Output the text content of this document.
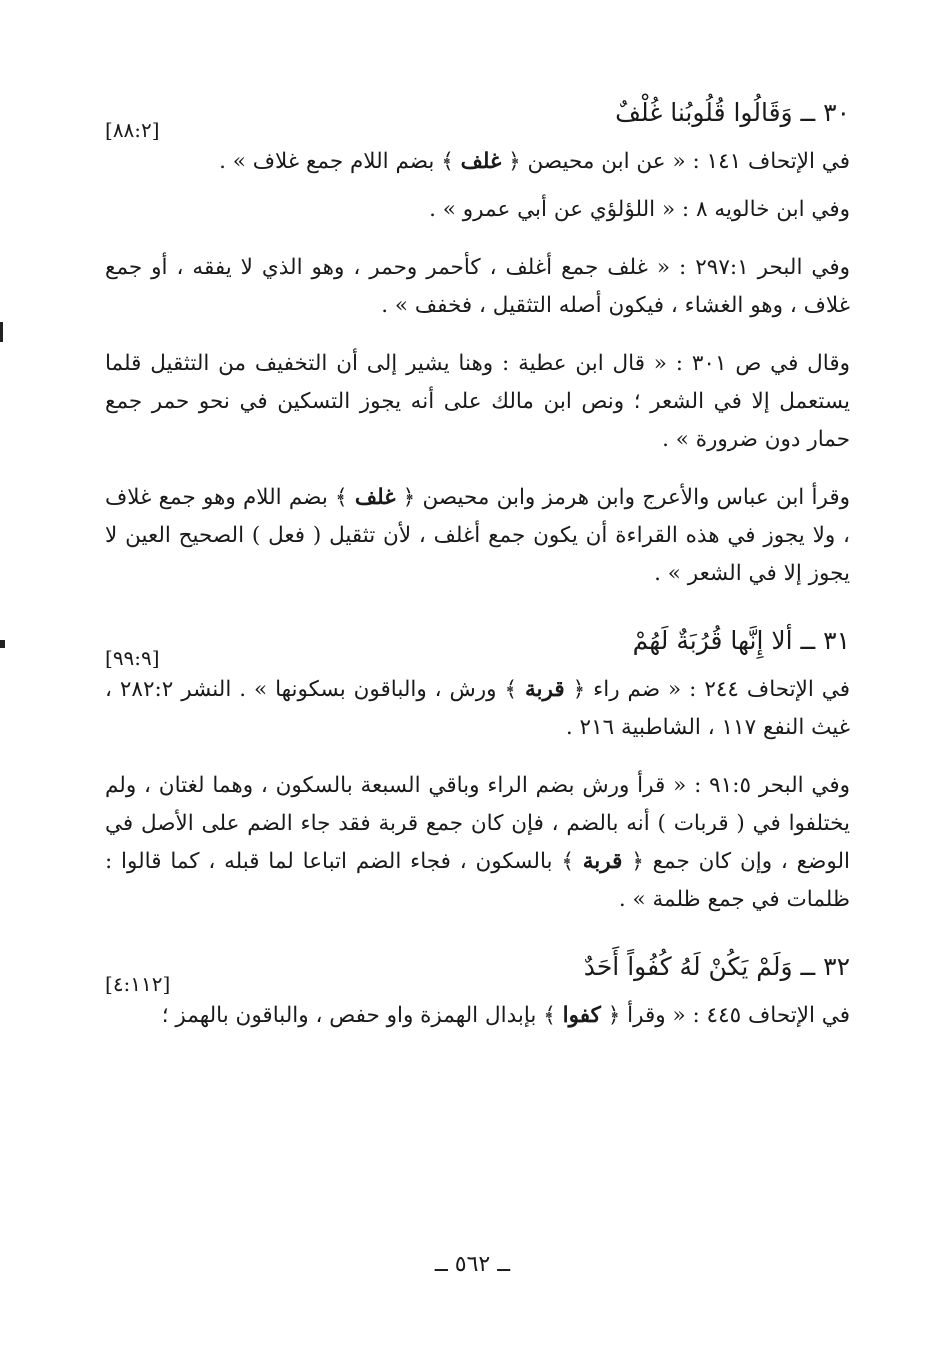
٣٠ ــ وَقَالُوا قُلُوبُنا غُلْفٌ
[٨٨:٢]

في الإتحاف ١٤١ : « عن ابن محيصن ﴿ غلف ﴾ بضم اللام جمع غلاف » .

وفي ابن خالويه ٨ : « اللؤلؤي عن أبي عمرو » .

وفي البحر ٢٩٧:١ : « غلف جمع أغلف ، كأحمر وحمر ، وهو الذي لا يفقه ، أو جمع غلاف ، وهو الغشاء ، فيكون أصله التثقيل ، فخفف » .

وقال في ص ٣٠١ : « قال ابن عطية : وهنا يشير إلى أن التخفيف من التثقيل قلما يستعمل إلا في الشعر ؛ ونص ابن مالك على أنه يجوز التسكين في نحو حمر جمع حمار دون ضرورة » .

وقرأ ابن عباس والأعرج وابن هرمز وابن محيصن ﴿ غلف ﴾ بضم اللام وهو جمع غلاف ، ولا يجوز في هذه القراءة أن يكون جمع أغلف ، لأن تثقيل ( فعل ) الصحيح العين لا يجوز إلا في الشعر » .

٣١ ــ ألا إِنَّها قُرُبَةٌ لَهُمْ
[٩٩:٩]

في الإتحاف ٢٤٤ : « ضم راء ﴿ قربة ﴾ ورش ، والباقون بسكونها » . النشر ٢٨٢:٢ ، غيث النفع ١١٧ ، الشاطبية ٢١٦ .

وفي البحر ٩١:٥ : « قرأ ورش بضم الراء وباقي السبعة بالسكون ، وهما لغتان ، ولم يختلفوا في ( قربات ) أنه بالضم ، فإن كان جمع قربة فقد جاء الضم على الأصل في الوضع ، وإن كان جمع ﴿ قربة ﴾ بالسكون ، فجاء الضم اتباعا لما قبله ، كما قالوا : ظلمات في جمع ظلمة » .

٣٢ ــ وَلَمْ يَكُنْ لَهُ كُفُواً أَحَدٌ
[٤:١١٢]

في الإتحاف ٤٤٥ : « وقرأ ﴿ كفوا ﴾ بإبدال الهمزة واو حفص ، والباقون بالهمز ؛

ــ ٥٦٢ ــ
